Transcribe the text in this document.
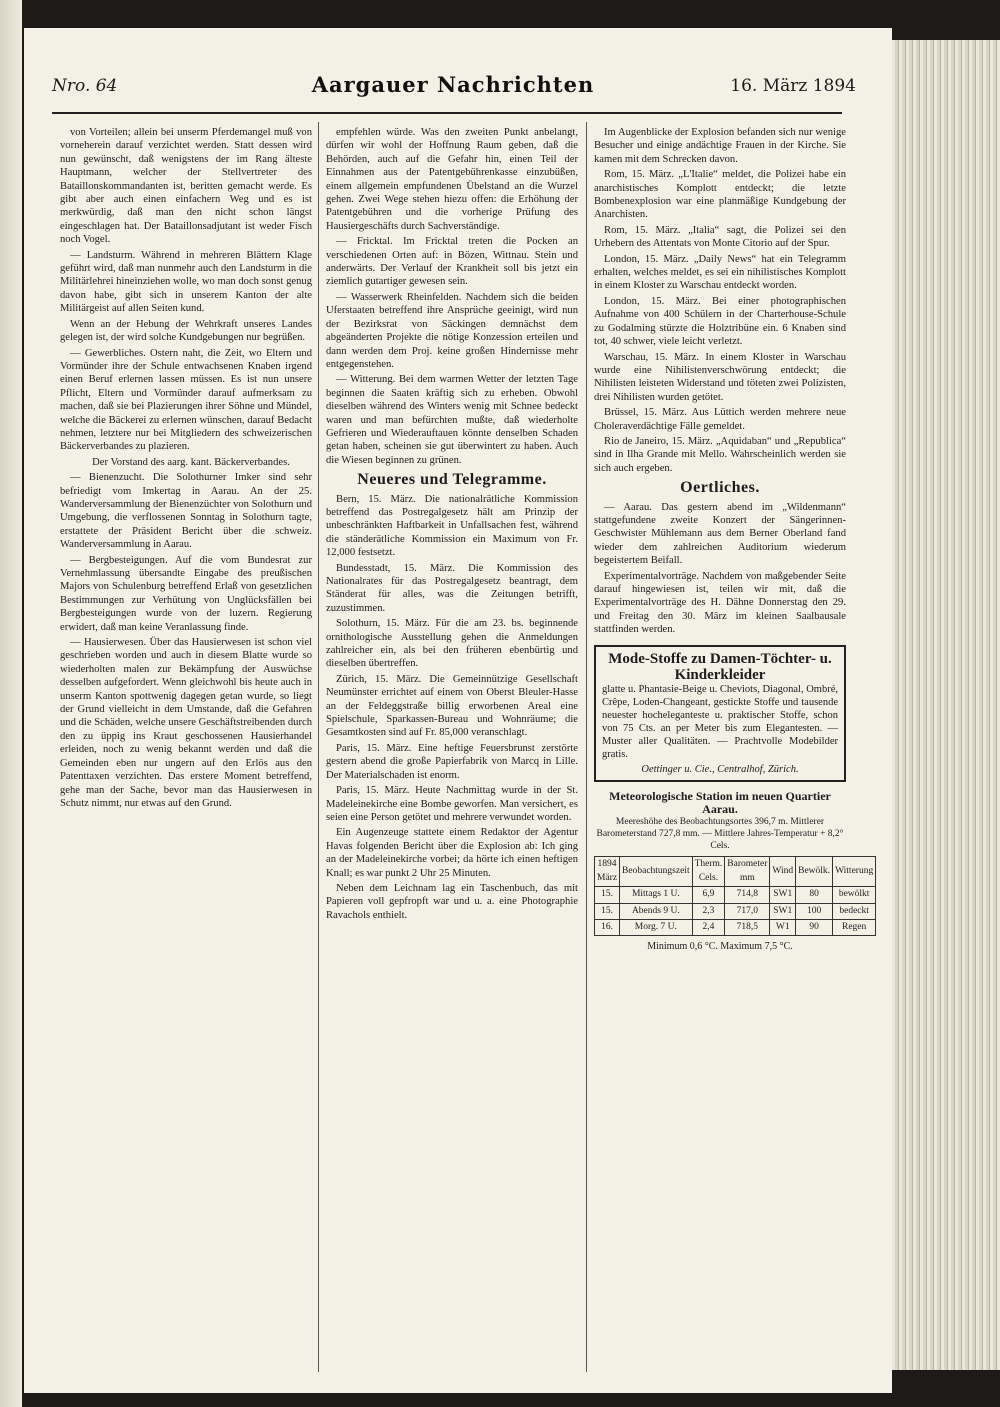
Nro. 64	Aargauer Nachrichten	16. März 1894

von Vorteilen; allein bei unserm Pferdemangel muß von vorneherein darauf verzichtet werden. Statt dessen wird nun gewünscht, daß wenigstens der im Rang älteste Hauptmann, welcher der Stellvertreter des Bataillonskommandanten ist, beritten gemacht werde. Es gibt aber auch einen einfachern Weg und es ist merkwürdig, daß man den nicht schon längst eingeschlagen hat. Der Bataillonsadjutant ist weder Fisch noch Vogel.

— Landsturm. Während in mehreren Blättern Klage geführt wird, daß man nunmehr auch den Landsturm in die Militärlehrei hineinziehen wolle, wo man doch sonst genug davon habe, gibt sich in unserem Kanton der alte Militärgeist auf allen Seiten kund.

Wenn an der Hebung der Wehrkraft unseres Landes gelegen ist, der wird solche Kundgebungen nur begrüßen.

— Gewerbliches. Ostern naht, die Zeit, wo Eltern und Vormünder ihre der Schule entwachsenen Knaben irgend einen Beruf erlernen lassen müssen. Es ist nun unsere Pflicht, Eltern und Vormünder darauf aufmerksam zu machen, daß sie bei Plazierungen ihrer Söhne und Mündel, welche die Bäckerei zu erlernen wünschen, darauf Bedacht nehmen, letztere nur bei Mitgliedern des schweizerischen Bäckerverbandes zu plazieren.

Der Vorstand des aarg. kant. Bäckerverbandes.

— Bienenzucht. Die Solothurner Imker sind sehr befriedigt vom Imkertag in Aarau. An der 25. Wanderversammlung der Bienenzüchter von Solothurn und Umgebung, die verflossenen Sonntag in Solothurn tagte, erstattete der Präsident Bericht über die schweiz. Wanderversammlung in Aarau.

— Bergbesteigungen. Auf die vom Bundesrat zur Vernehmlassung übersandte Eingabe des preußischen Majors von Schulenburg betreffend Erlaß von gesetzlichen Bestimmungen zur Verhütung von Unglücksfällen bei Bergbesteigungen wurde von der luzern. Regierung erwidert, daß man keine Veranlassung finde.

— Hausierwesen. Über das Hausierwesen ist schon viel geschrieben worden und auch in diesem Blatte wurde so wiederholten malen zur Bekämpfung der Auswüchse desselben aufgefordert. Wenn gleichwohl bis heute auch in unserm Kanton spottwenig dagegen getan wurde, so liegt der Grund vielleicht in dem Umstande, daß die Gefahren und die Schäden, welche unsere Geschäftstreibenden durch den zu üppig ins Kraut geschossenen Hausierhandel erleiden, noch zu wenig bekannt werden und daß die Gemeinden eben nur ungern auf den Erlös aus den Patenttaxen verzichten. Das erstere Moment betreffend, gehe man der Sache, bevor man das Hausierwesen in Schutz nimmt, nur etwas auf den Grund.

empfehlen würde. Was den zweiten Punkt anbelangt, dürfen wir wohl der Hoffnung Raum geben, daß die Behörden, auch auf die Gefahr hin, einen Teil der Einnahmen aus der Patentgebührenkasse einzubüßen, einem allgemein empfundenen Übelstand an die Wurzel gehen. Zwei Wege stehen hiezu offen: die Erhöhung der Patentgebühren und die vorherige Prüfung des Hausiergeschäfts durch Sachverständige.

— Fricktal. Im Fricktal treten die Pocken an verschiedenen Orten auf: in Bözen, Wittnau. Stein und anderwärts. Der Verlauf der Krankheit soll bis jetzt ein ziemlich gutartiger gewesen sein.

— Wasserwerk Rheinfelden. Nachdem sich die beiden Uferstaaten betreffend ihre Ansprüche geeinigt, wird nun der Bezirksrat von Säckingen demnächst dem abgeänderten Projekte die nötige Konzession erteilen und dann werden dem Proj. keine großen Hindernisse mehr entgegenstehen.

— Witterung. Bei dem warmen Wetter der letzten Tage beginnen die Saaten kräftig sich zu erheben. Obwohl dieselben während des Winters wenig mit Schnee bedeckt waren und man befürchten mußte, daß wiederholte Gefrieren und Wiederauftauen könnte denselben Schaden getan haben, scheinen sie gut überwintert zu haben. Auch die Wiesen beginnen zu grünen.

Neueres und Telegramme.

Bern, 15. März. Die nationalrätliche Kommission betreffend das Postregalgesetz hält am Prinzip der unbeschränkten Haftbarkeit in Unfallsachen fest, während die ständerätliche Kommission ein Maximum von Fr. 12,000 festsetzt.

Bundesstadt, 15. März. Die Kommission des Nationalrates für das Postregalgesetz beantragt, dem Ständerat für alles, was die Zeitungen betrifft, zuzustimmen.

Solothurn, 15. März. Für die am 23. bs. beginnende ornithologische Ausstellung gehen die Anmeldungen zahlreicher ein, als bei den früheren ebenbürtig und dieselben übertreffen.

Zürich, 15. März. Die Gemeinnützige Gesellschaft Neumünster errichtet auf einem von Oberst Bleuler-Hasse an der Feldeggstraße billig erworbenen Areal eine Spielschule, Sparkassen-Bureau und Wohnräume; die Gesamtkosten sind auf Fr. 85,000 veranschlagt.

Paris, 15. März. Eine heftige Feuersbrunst zerstörte gestern abend die große Papierfabrik von Marcq in Lille. Der Materialschaden ist enorm.

Paris, 15. März. Heute Nachmittag wurde in der St. Madeleinekirche eine Bombe geworfen. Man versichert, es seien eine Person getötet und mehrere verwundet worden.

Ein Augenzeuge stattete einem Redaktor der Agentur Havas folgenden Bericht über die Explosion ab: Ich ging an der Madeleinekirche vorbei; da hörte ich einen heftigen Knall; es war punkt 2 Uhr 25 Minuten.

Neben dem Leichnam lag ein Taschenbuch, das mit Papieren voll gepfropft war und u. a. eine Photographie Ravachols enthielt.

Im Augenblicke der Explosion befanden sich nur wenige Besucher und einige andächtige Frauen in der Kirche. Sie kamen mit dem Schrecken davon.

Rom, 15. März. „L'Italie“ meldet, die Polizei habe ein anarchistisches Komplott entdeckt; die letzte Bombenexplosion war eine planmäßige Kundgebung der Anarchisten.

Rom, 15. März. „Italia“ sagt, die Polizei sei den Urhebern des Attentats von Monte Citorio auf der Spur.

London, 15. März. „Daily News“ hat ein Telegramm erhalten, welches meldet, es sei ein nihilistisches Komplott in einem Kloster zu Warschau entdeckt worden.

London, 15. März. Bei einer photographischen Aufnahme von 400 Schülern in der Charterhouse-Schule zu Godalming stürzte die Holztribüne ein. 6 Knaben sind tot, 40 schwer, viele leicht verletzt.

Warschau, 15. März. In einem Kloster in Warschau wurde eine Nihilistenverschwörung entdeckt; die Nihilisten leisteten Widerstand und töteten zwei Polizisten, drei Nihilisten wurden getötet.

Brüssel, 15. März. Aus Lüttich werden mehrere neue Choleraverdächtige Fälle gemeldet.

Rio de Janeiro, 15. März. „Aquidaban“ und „Republica“ sind in Ilha Grande mit Mello. Wahrscheinlich werden sie sich auch ergeben.

Oertliches.

— Aarau. Das gestern abend im „Wildenmann“ stattgefundene zweite Konzert der Sängerinnen-Geschwister Mühlemann aus dem Berner Oberland fand wieder dem zahlreichen Auditorium wiederum begeistertem Beifall.

Experimentalvorträge. Nachdem von maßgebender Seite darauf hingewiesen ist, teilen wir mit, daß die Experimentalvorträge des H. Dähne Donnerstag den 29. und Freitag den 30. März im kleinen Saalbausale stattfinden werden.

Mode-Stoffe zu Damen-Töchter- u. Kinderkleider
glatte u. Phantasie-Beige u. Cheviots, Diagonal, Ombré, Crêpe, Loden-Changeant, gestickte Stoffe und tausende neuester hocheleganteste u. praktischer Stoffe, schon von 75 Cts. an per Meter bis zum Elegantesten. — Muster aller Qualitäten. — Prachtvolle Modebilder gratis.
Oettinger u. Cie., Centralhof, Zürich.
Meteorologische Station im neuen Quartier Aarau.
Meereshöhe des Beobachtungsortes 396,7 m. Mittlerer Barometerstand 727,8 mm. — Mittlere Jahres-Temperatur + 8,2° Cels.
1894 März	Beobachtungszeit	Therm. Cels.	Barometer mm	Wind	Bewölk.	Witterung
15.	Mittags 1 U.	6,9	714,8	SW1	80	bewölkt
15.	Abends 9 U.	2,3	717,0	SW1	100	bedeckt
16.	Morg. 7 U.	2,4	718,5	W1	90	Regen
Minimum 0,6 °C. Maximum 7,5 °C.
